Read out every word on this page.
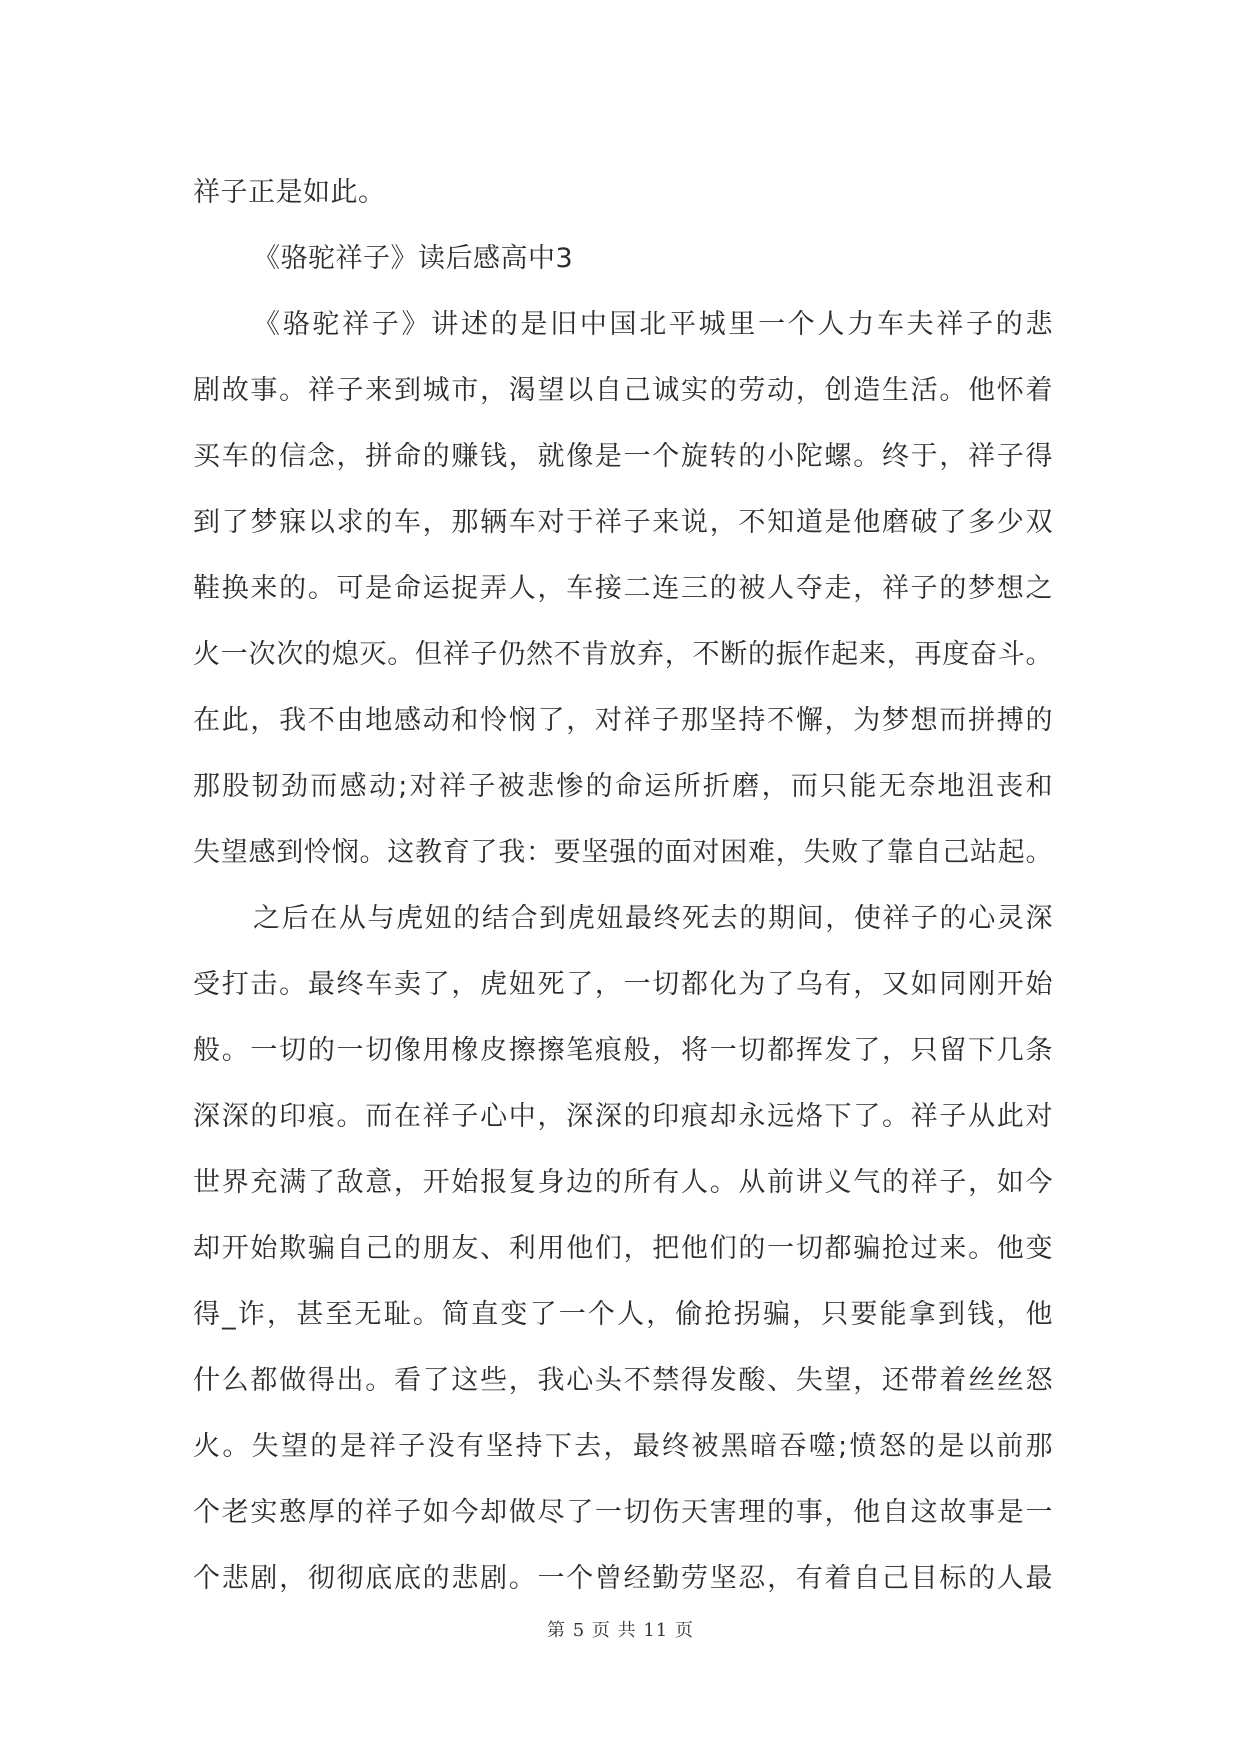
祥子正是如此。
《骆驼祥子》读后感高中3
《骆驼祥子》讲述的是旧中国北平城里一个人力车夫祥子的悲
剧故事。祥子来到城市，渴望以自己诚实的劳动，创造生活。他怀着
买车的信念，拼命的赚钱，就像是一个旋转的小陀螺。终于，祥子得
到了梦寐以求的车，那辆车对于祥子来说，不知道是他磨破了多少双
鞋换来的。可是命运捉弄人，车接二连三的被人夺走，祥子的梦想之
火一次次的熄灭。但祥子仍然不肯放弃，不断的振作起来，再度奋斗。
在此，我不由地感动和怜悯了，对祥子那坚持不懈，为梦想而拼搏的
那股韧劲而感动;对祥子被悲惨的命运所折磨，而只能无奈地沮丧和
失望感到怜悯。这教育了我：要坚强的面对困难，失败了靠自己站起。
之后在从与虎妞的结合到虎妞最终死去的期间，使祥子的心灵深
受打击。最终车卖了，虎妞死了，一切都化为了乌有，又如同刚开始
般。一切的一切像用橡皮擦擦笔痕般，将一切都挥发了，只留下几条
深深的印痕。而在祥子心中，深深的印痕却永远烙下了。祥子从此对
世界充满了敌意，开始报复身边的所有人。从前讲义气的祥子，如今
却开始欺骗自己的朋友、利用他们，把他们的一切都骗抢过来。他变
得_诈，甚至无耻。简直变了一个人，偷抢拐骗，只要能拿到钱，他
什么都做得出。看了这些，我心头不禁得发酸、失望，还带着丝丝怒
火。失望的是祥子没有坚持下去，最终被黑暗吞噬;愤怒的是以前那
个老实憨厚的祥子如今却做尽了一切伤天害理的事，他自这故事是一
个悲剧，彻彻底底的悲剧。一个曾经勤劳坚忍，有着自己目标的人最
第 5 页 共 11 页
